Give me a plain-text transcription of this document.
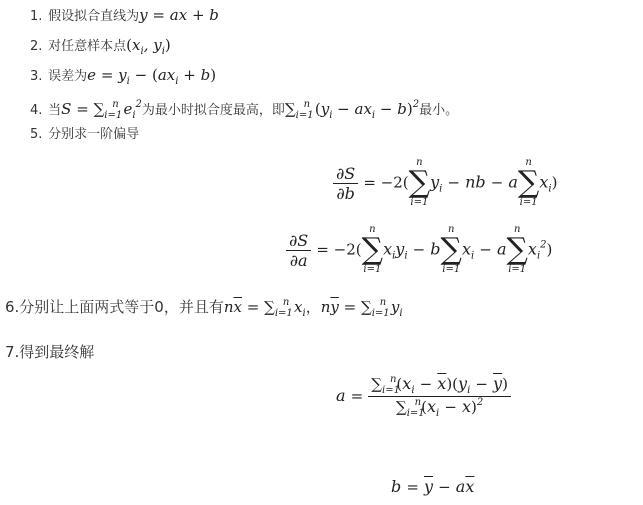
1. 假设拟合直线为y = ax + b
2. 对任意样本点($x_i$, $y_i$)
3. 误差为$e = y_i - (ax_i + b)$
4. 当$S = \sum_{i=1}^n$ $e_i^2$为最小时拟合度最高，即$\sum_{i=1}^n$ $(y_i - ax_i - b)^2$最小。
5. 分别求一阶偏导
$\frac{\partial S}{\partial b} = -2$(
n
∑
i=1
$y_i$ − nb − a
n
∑
i=1
$x_i$)
$\frac{\partial S}{\partial a} = -2$(
n
∑
i=1
$x_iy_i - b$
n
∑
i=1
$x_i - a$
n
∑
i=1
$x_i^2$)
6.分别让上面两式等于0，并且有$n\overline{x} = \sum_{i=1}^n$ $x_i$，$n\overline{y} = \sum_{i=1}^n$ $y_i$
7.得到最终解
$a = \frac{\sum_{i=1}^n(x_i - \overline{x})(y_i - \overline{y})}{\sum_{i=1}^n(x_i - \overline{x})^2}$
$b = \overline{y} - a\overline{x}$
